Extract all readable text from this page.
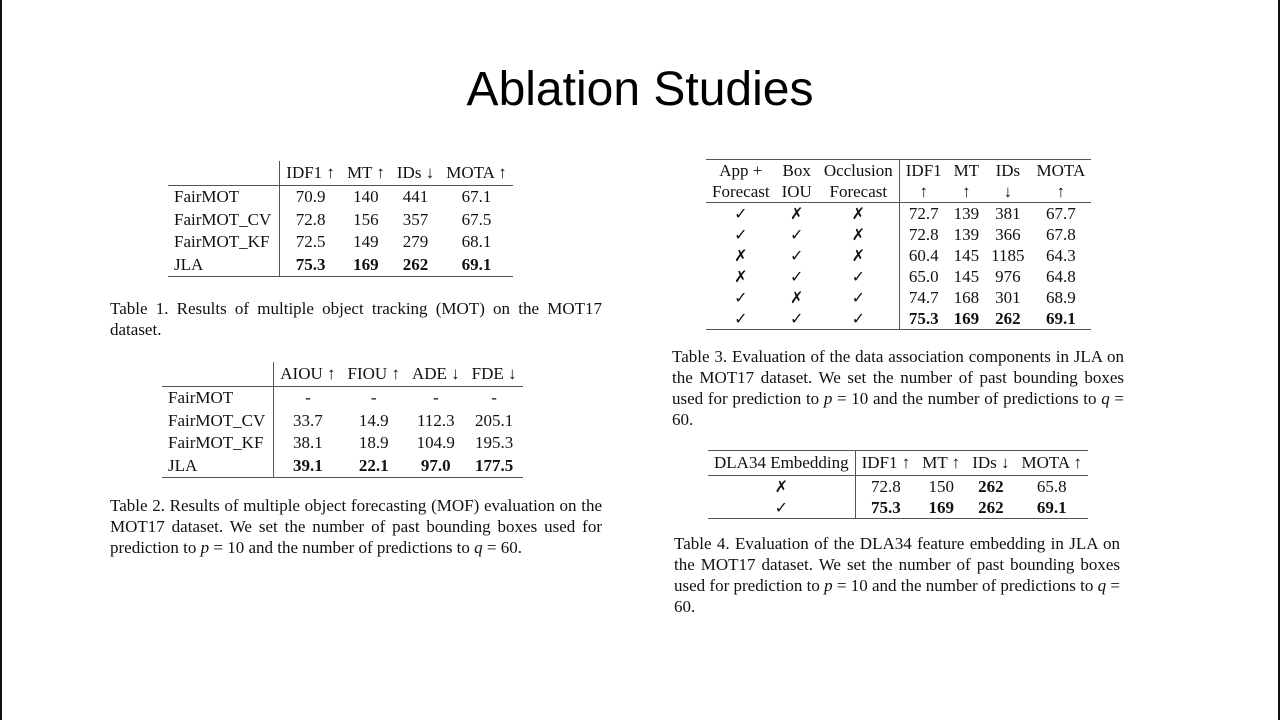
Ablation Studies
	IDF1 ↑	MT ↑	IDs ↓	MOTA ↑
FairMOT	70.9	140	441	67.1
FairMOT_CV	72.8	156	357	67.5
FairMOT_KF	72.5	149	279	68.1
JLA	75.3	169	262	69.1
Table 1. Results of multiple object tracking (MOT) on the MOT17 dataset.
	AIOU ↑	FIOU ↑	ADE ↓	FDE ↓
FairMOT	-	-	-	-
FairMOT_CV	33.7	14.9	112.3	205.1
FairMOT_KF	38.1	18.9	104.9	195.3
JLA	39.1	22.1	97.0	177.5
Table 2. Results of multiple object forecasting (MOF) evaluation on the MOT17 dataset. We set the number of past bounding boxes used for prediction to p = 10 and the number of predictions to q = 60.
App +	Box	Occlusion	IDF1	MT	IDs	MOTA
Forecast	IOU	Forecast	↑	↑	↓	↑
✓	✗	✗	72.7	139	381	67.7
✓	✓	✗	72.8	139	366	67.8
✗	✓	✗	60.4	145	1185	64.3
✗	✓	✓	65.0	145	976	64.8
✓	✗	✓	74.7	168	301	68.9
✓	✓	✓	75.3	169	262	69.1
Table 3. Evaluation of the data association components in JLA on the MOT17 dataset. We set the number of past bounding boxes used for prediction to p = 10 and the number of predictions to q = 60.
DLA34 Embedding	IDF1 ↑	MT ↑	IDs ↓	MOTA ↑
✗	72.8	150	262	65.8
✓	75.3	169	262	69.1
Table 4. Evaluation of the DLA34 feature embedding in JLA on the MOT17 dataset. We set the number of past bounding boxes used for prediction to p = 10 and the number of predictions to q = 60.
